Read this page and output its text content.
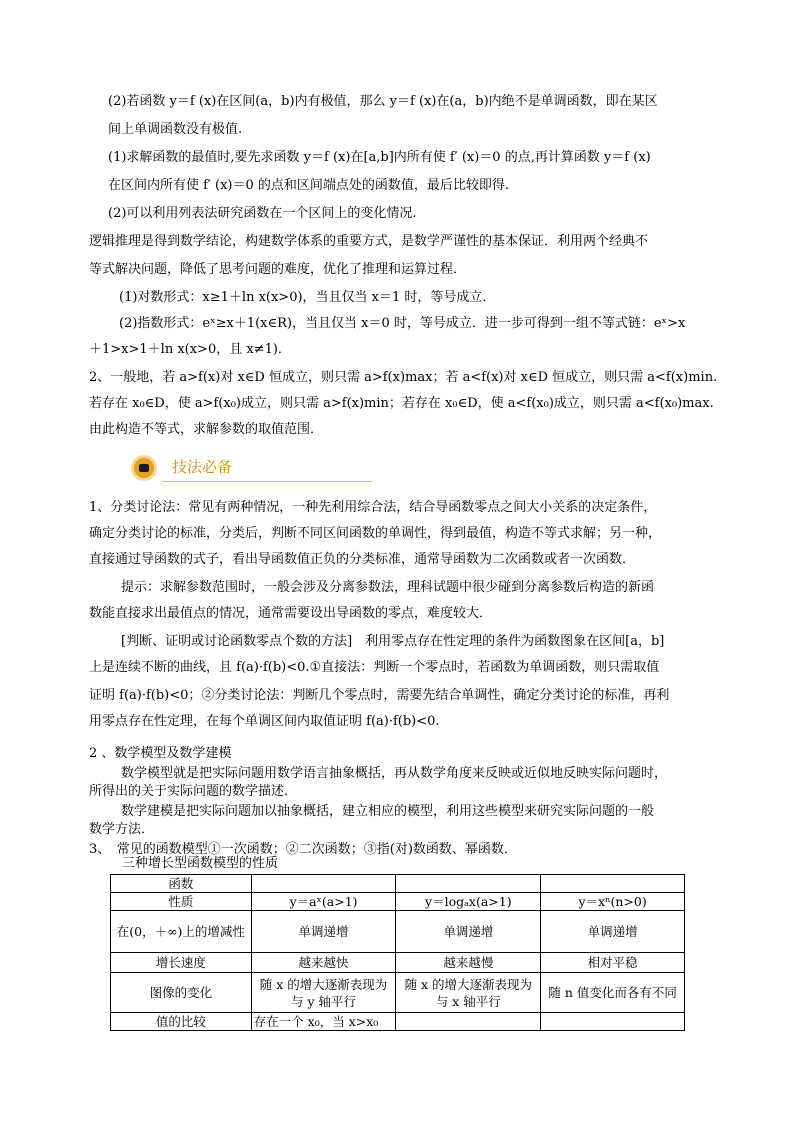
(2)若函数 y＝f (x)在区间(a，b)内有极值，那么 y＝f (x)在(a，b)内绝不是单调函数，即在某区
间上单调函数没有极值.
(1)求解函数的最值时,要先求函数 y＝f (x)在[a,b]内所有使 f′ (x)＝0 的点,再计算函数 y＝f (x)
在区间内所有使 f′ (x)＝0 的点和区间端点处的函数值，最后比较即得.
(2)可以利用列表法研究函数在一个区间上的变化情况.
逻辑推理是得到数学结论，构建数学体系的重要方式，是数学严谨性的基本保证．利用两个经典不
等式解决问题，降低了思考问题的难度，优化了推理和运算过程．
(1)对数形式：x≥1＋ln x(x>0)，当且仅当 x＝1 时，等号成立．
(2)指数形式：eˣ≥x＋1(x∈R)，当且仅当 x＝0 时，等号成立．进一步可得到一组不等式链：eˣ>x
＋1>x>1＋ln x(x>0，且 x≠1)．
2、一般地，若 a>f(x)对 x∈D 恒成立，则只需 a>f(x)max；若 a<f(x)对 x∈D 恒成立，则只需 a<f(x)min.
若存在 x₀∈D，使 a>f(x₀)成立，则只需 a>f(x)min；若存在 x₀∈D，使 a<f(x₀)成立，则只需 a<f(x₀)max.
由此构造不等式，求解参数的取值范围．
技法必备
1、分类讨论法：常见有两种情况，一种先利用综合法，结合导函数零点之间大小关系的决定条件，
确定分类讨论的标准，分类后，判断不同区间函数的单调性，得到最值，构造不等式求解；另一种，
直接通过导函数的式子，看出导函数值正负的分类标准，通常导函数为二次函数或者一次函数．
提示：求解参数范围时，一般会涉及分离参数法，理科试题中很少碰到分离参数后构造的新函
数能直接求出最值点的情况，通常需要设出导函数的零点，难度较大．
[判断、证明或讨论函数零点个数的方法]　利用零点存在性定理的条件为函数图象在区间[a，b]
上是连续不断的曲线，且 f(a)·f(b)<0.①直接法：判断一个零点时，若函数为单调函数，则只需取值
证明 f(a)·f(b)<0；②分类讨论法：判断几个零点时，需要先结合单调性，确定分类讨论的标准，再利
用零点存在性定理，在每个单调区间内取值证明 f(a)·f(b)<0.
2 、数学模型及数学建模
数学模型就是把实际问题用数学语言抽象概括，再从数学角度来反映或近似地反映实际问题时，
所得出的关于实际问题的数学描述．
数学建模是把实际问题加以抽象概括，建立相应的模型，利用这些模型来研究实际问题的一般
数学方法．
3、　常见的函数模型①一次函数；②二次函数；③指(对)数函数、幂函数．
三种增长型函数模型的性质
函数			
性质	y＝aˣ(a>1)	y＝logₐx(a>1)	y＝xⁿ(n>0)
在(0，＋∞)上的增减性	单调递增	单调递增	单调递增
增长速度	越来越快	越来越慢	相对平稳
图像的变化	随 x 的增大逐渐表现为与 y 轴平行	随 x 的增大逐渐表现为与 x 轴平行	随 n 值变化而各有不同
值的比较	存在一个 x₀，当 x>x₀		
